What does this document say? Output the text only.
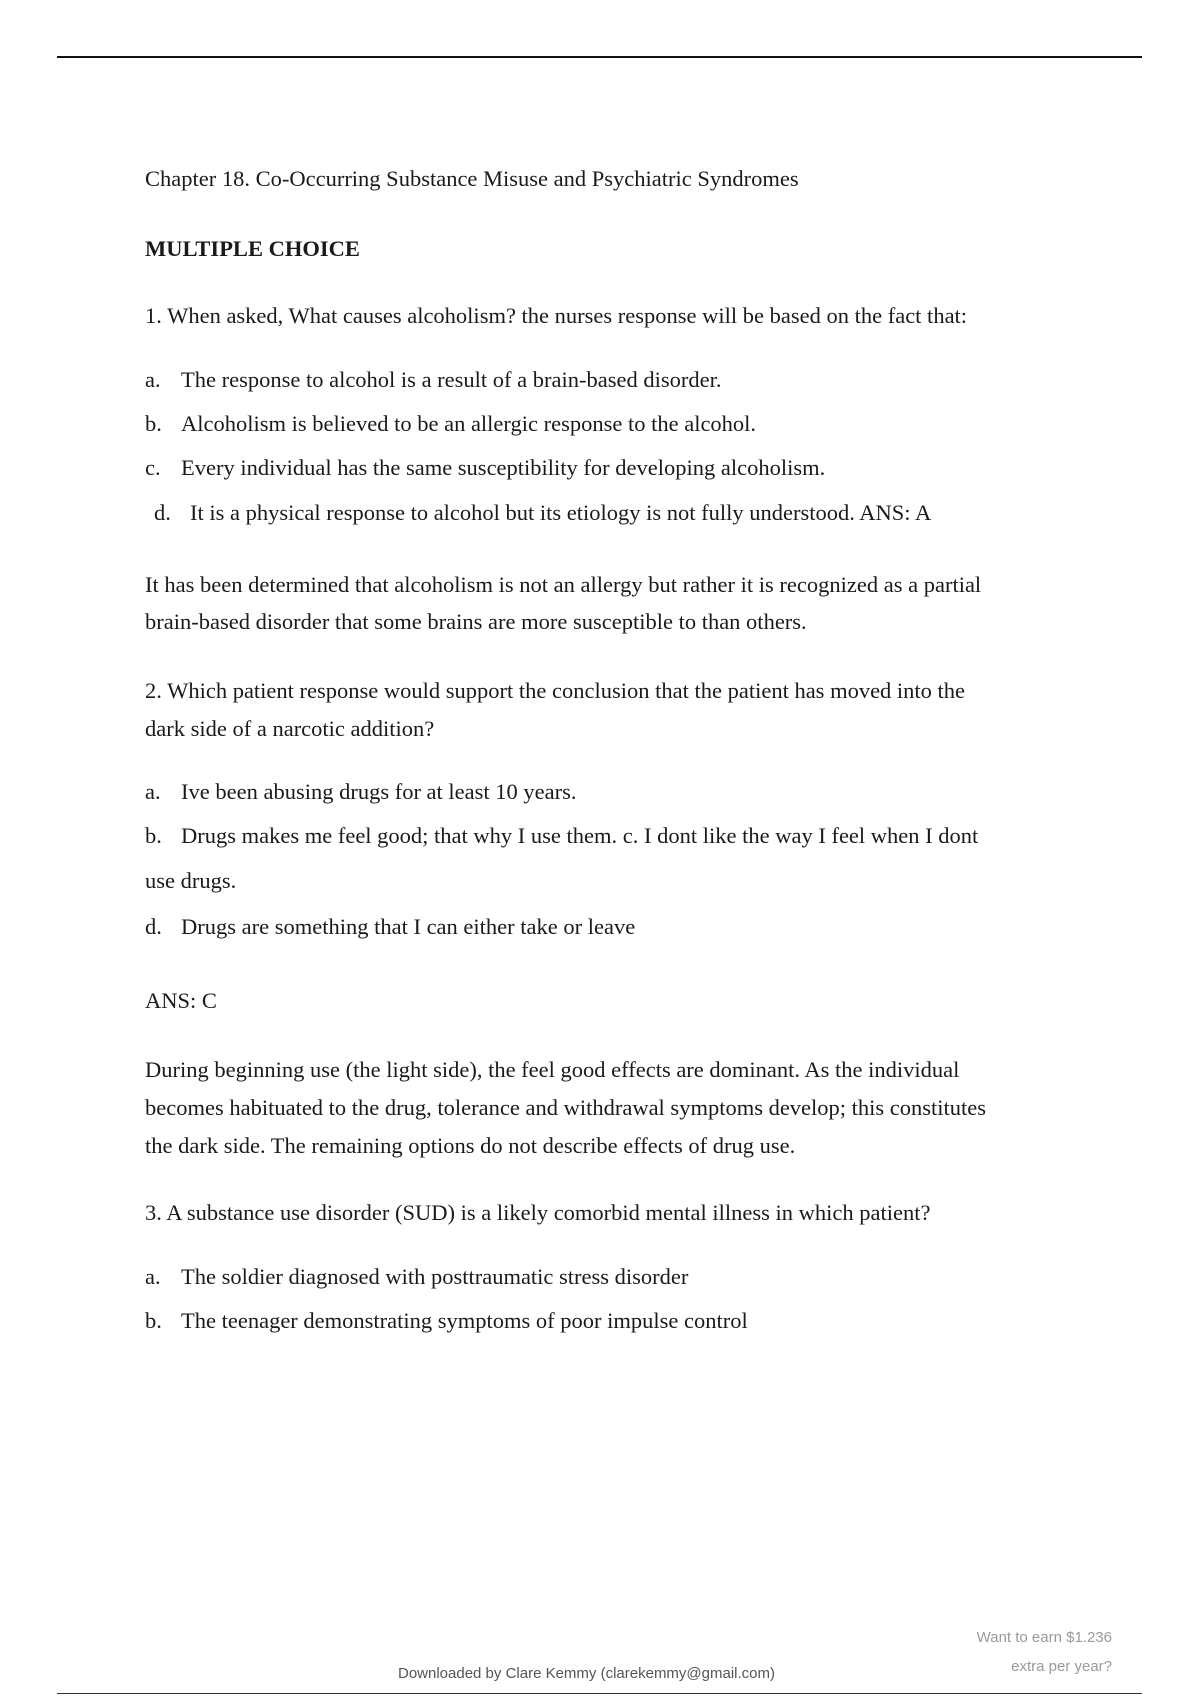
Chapter 18. Co-Occurring Substance Misuse and Psychiatric Syndromes
MULTIPLE CHOICE
1. When asked, What causes alcoholism? the nurses response will be based on the fact that:
a. The response to alcohol is a result of a brain-based disorder.
b. Alcoholism is believed to be an allergic response to the alcohol.
c. Every individual has the same susceptibility for developing alcoholism.
d. It is a physical response to alcohol but its etiology is not fully understood. ANS: A
It has been determined that alcoholism is not an allergy but rather it is recognized as a partial
brain-based disorder that some brains are more susceptible to than others.
2. Which patient response would support the conclusion that the patient has moved into the
dark side of a narcotic addition?
a. Ive been abusing drugs for at least 10 years.
b. Drugs makes me feel good; that why I use them. c. I dont like the way I feel when I dont
use drugs.
d. Drugs are something that I can either take or leave
ANS: C
During beginning use (the light side), the feel good effects are dominant. As the individual
becomes habituated to the drug, tolerance and withdrawal symptoms develop; this constitutes
the dark side. The remaining options do not describe effects of drug use.
3. A substance use disorder (SUD) is a likely comorbid mental illness in which patient?
a. The soldier diagnosed with posttraumatic stress disorder
b. The teenager demonstrating symptoms of poor impulse control
Want to earn $1.236
extra per year?
Downloaded by Clare Kemmy (clarekemmy@gmail.com)
